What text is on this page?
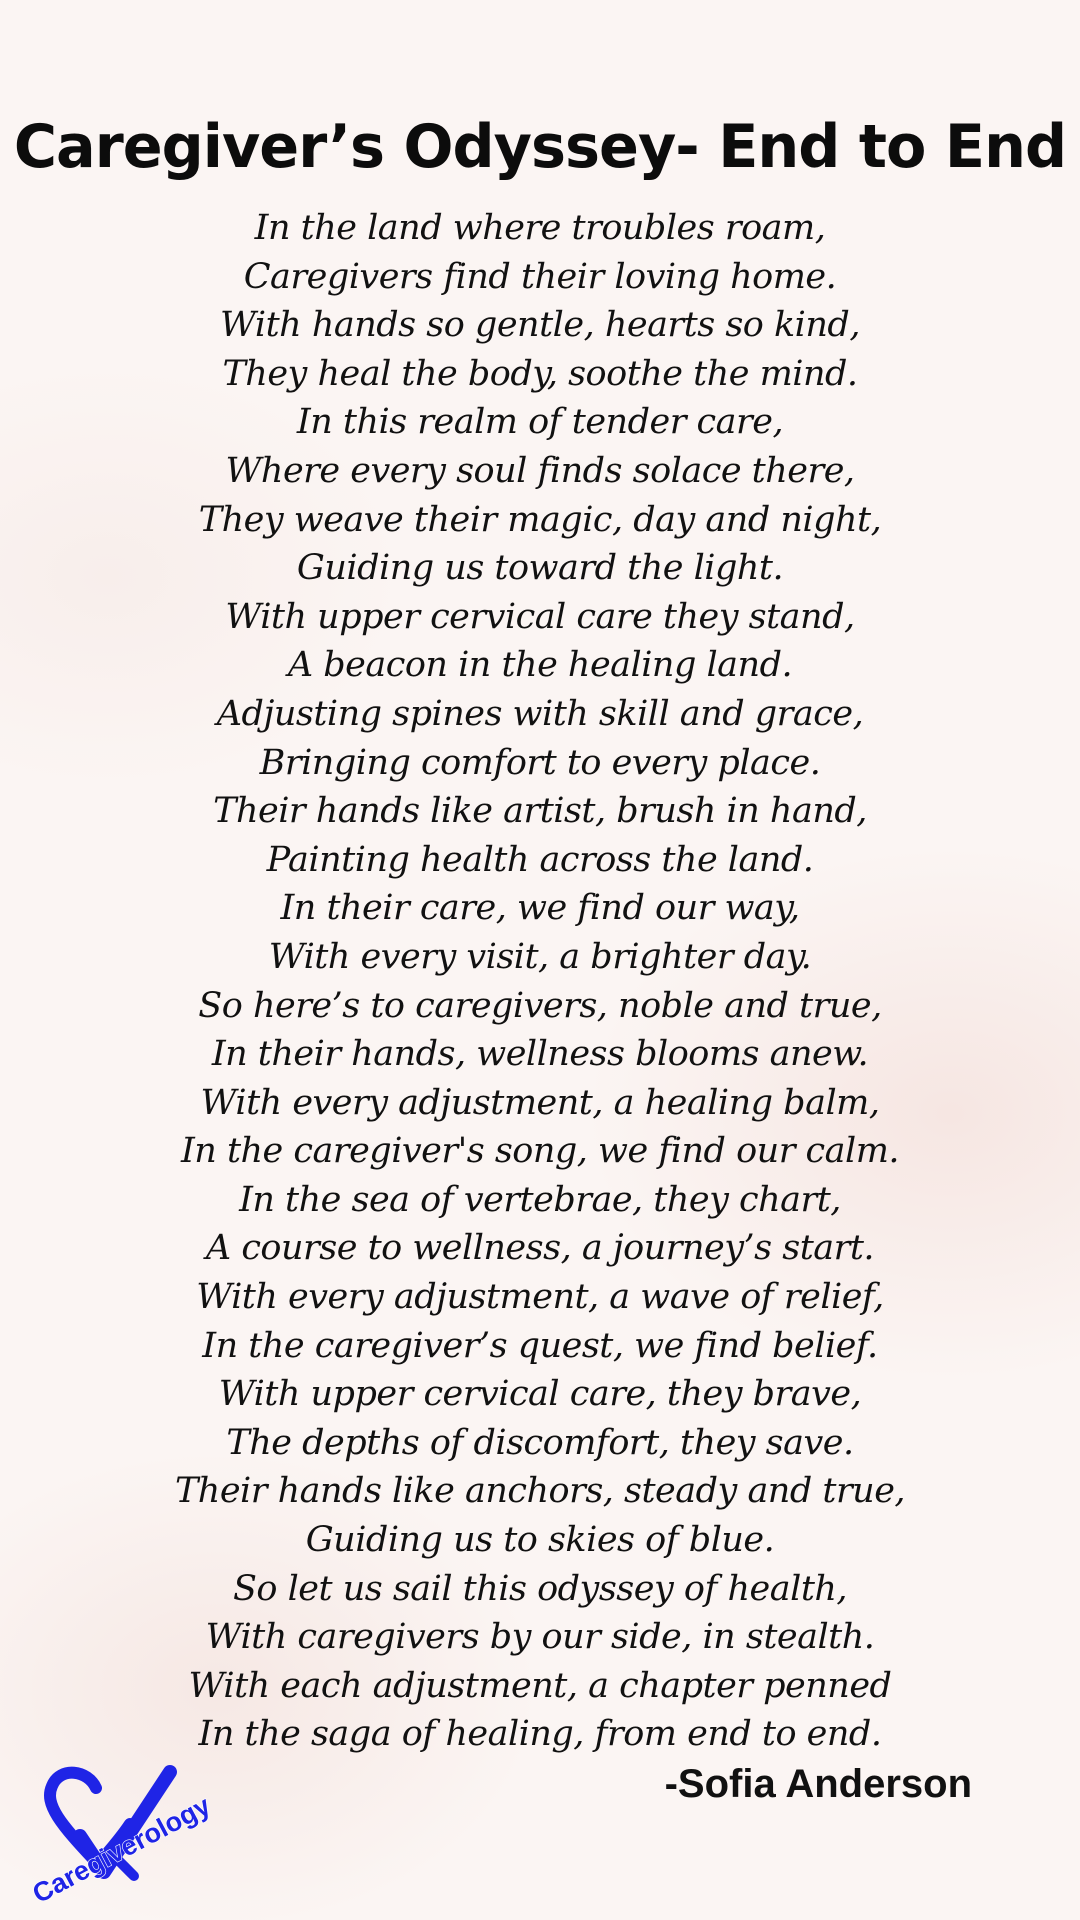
Caregiver’s Odyssey- End to End
In the land where troubles roam,
Caregivers find their loving home.
With hands so gentle, hearts so kind,
They heal the body, soothe the mind.
In this realm of tender care,
Where every soul finds solace there,
They weave their magic, day and night,
Guiding us toward the light.
With upper cervical care they stand,
A beacon in the healing land.
Adjusting spines with skill and grace,
Bringing comfort to every place.
Their hands like artist, brush in hand,
Painting health across the land.
In their care, we find our way,
With every visit, a brighter day.
So here’s to caregivers, noble and true,
In their hands, wellness blooms anew.
With every adjustment, a healing balm,
In the caregiver's song, we find our calm.
In the sea of vertebrae, they chart,
A course to wellness, a journey’s start.
With every adjustment, a wave of relief,
In the caregiver’s quest, we find belief.
With upper cervical care, they brave,
The depths of discomfort, they save.
Their hands like anchors, steady and true,
Guiding us to skies of blue.
So let us sail this odyssey of health,
With caregivers by our side, in stealth.
With each adjustment, a chapter penned
In the saga of healing, from end to end.
-Sofia Anderson
Caregiverology
